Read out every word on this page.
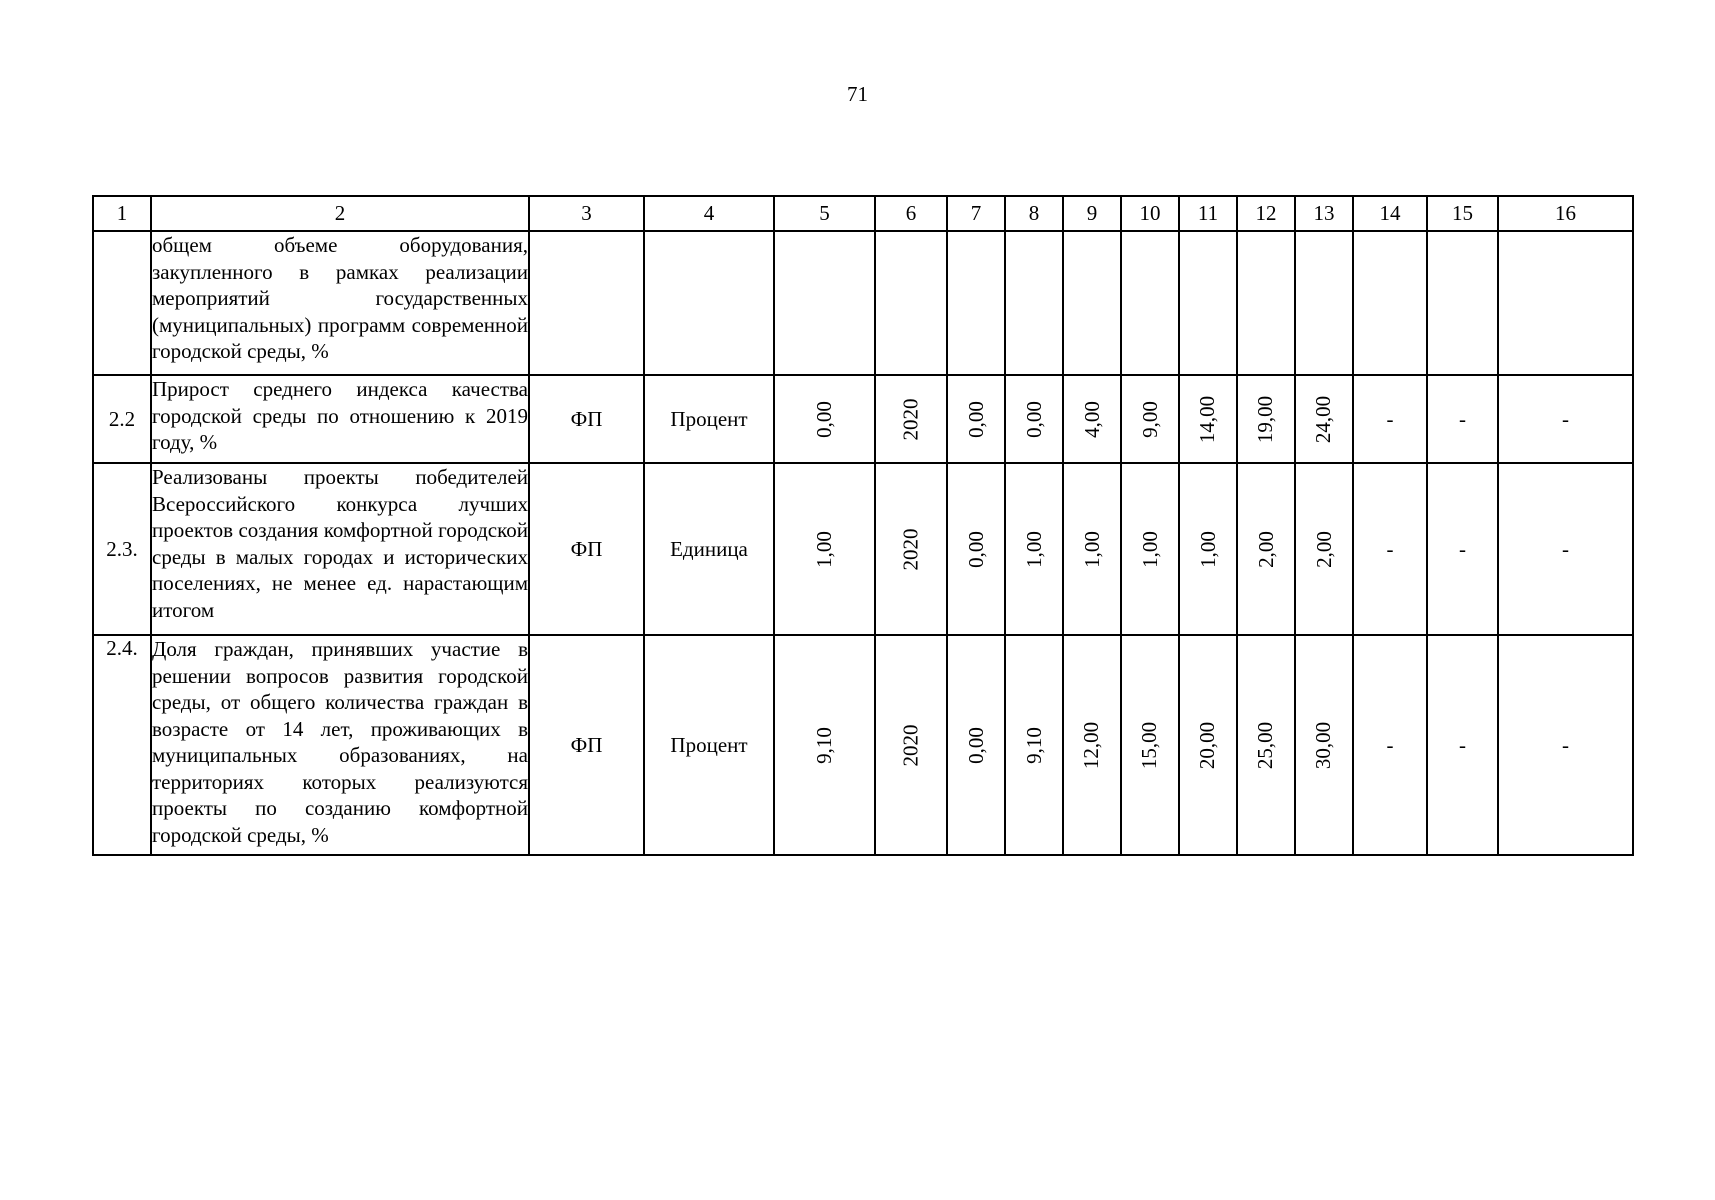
71
1	2	3	4	5	6	7	8	9	10	11	12	13	14	15	16
	общем объеме оборудования, закупленного в рамках реализации мероприятий государственных (муниципальных) программ современной городской среды, %														
2.2	Прирост среднего индекса качества городской среды по отношению к 2019 году, %	ФП	Процент	0,00	2020	0,00	0,00	4,00	9,00	14,00	19,00	24,00	-	-	-
2.3.	Реализованы проекты победителей Всероссийского конкурса лучших проектов создания комфортной городской среды в малых городах и исторических поселениях, не менее ед. нарастающим итогом	ФП	Единица	1,00	2020	0,00	1,00	1,00	1,00	1,00	2,00	2,00	-	-	-
2.4.	Доля граждан, принявших участие в решении вопросов развития городской среды, от общего количества граждан в возрасте от 14 лет, проживающих в муниципальных образованиях, на территориях которых реализуются проекты по созданию комфортной городской среды, %	ФП	Процент	9,10	2020	0,00	9,10	12,00	15,00	20,00	25,00	30,00	-	-	-
